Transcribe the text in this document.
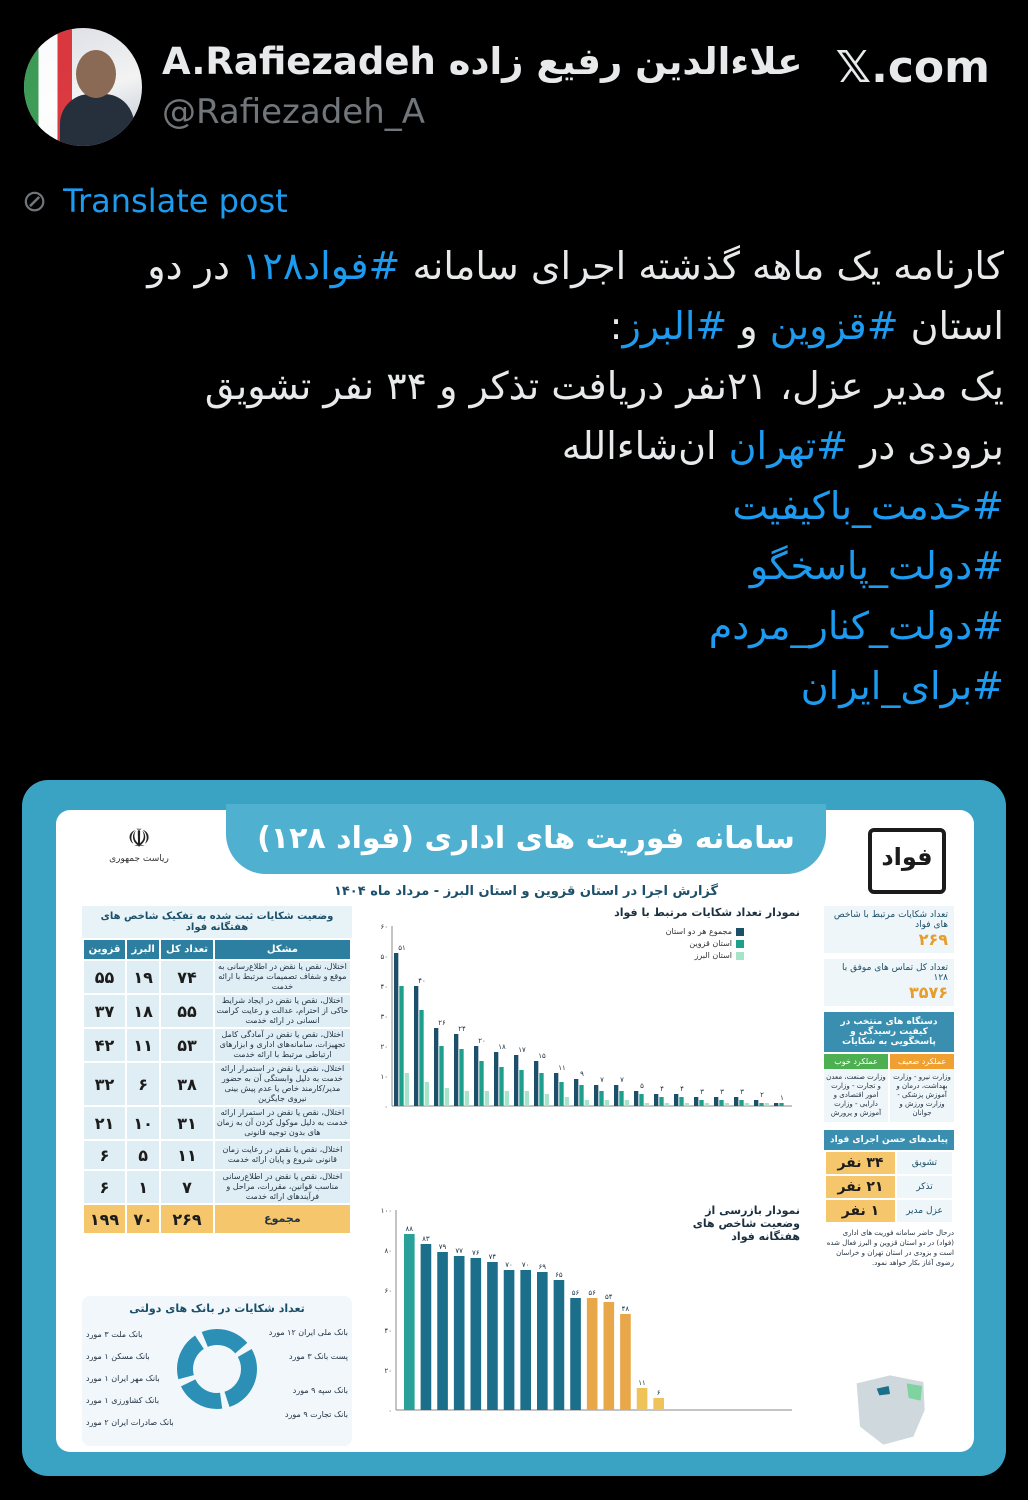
A.Rafiezadeh علاءالدین رفیع زاده
@Rafiezadeh_A
𝕏.com
⊘ Translate post

کارنامه یک ماهه گذشته اجرای سامانه #فواد۱۲۸ در دو

استان #قزوین و #البرز:

یک مدیر عزل، ۲۱نفر دریافت تذکر و ۳۴ نفر تشویق

بزودی در #تهران ان‌شاءالله

#خدمت_باکیفیت

#دولت_پاسخگو

#دولت_کنار_مردم

#برای_ایران

سامانه فوریت های اداری (فواد ۱۲۸)
گزارش اجرا در استان قزوین و استان البرز - مرداد ماه ۱۴۰۴
☫
ریاست جمهوری	فواد
وضعیت شکایات ثبت شده به تفکیک شاخص های هفتگانه فواد
مشکل	تعداد کل	البرز	قزوین
اختلال، نقص یا نقض در اطلاع‌رسانی به موقع و شفاف تصمیمات مرتبط با ارائه خدمت	۷۴	۱۹	۵۵
اختلال، نقص یا نقض در ایجاد شرایط حاکی از احترام، عدالت و رعایت کرامت انسانی در ارائه خدمت	۵۵	۱۸	۳۷
اختلال، نقص یا نقض در آمادگی کامل تجهیزات، سامانه‌های اداری و ابزارهای ارتباطی مرتبط با ارائه خدمت	۵۳	۱۱	۴۲
اختلال، نقص یا نقض در استمرار ارائه خدمت به دلیل وابستگی آن به حضور مدیر/کارمند خاص یا عدم پیش بینی نیروی جایگزین	۳۸	۶	۳۲
اختلال، نقص یا نقض در استمرار ارائه خدمت به دلیل موکول کردن آن به زمان های بدون توجیه قانونی	۳۱	۱۰	۲۱
اختلال، نقص یا نقض در رعایت زمان قانونی شروع و پایان ارائه خدمت	۱۱	۵	۶
اختلال، نقص یا نقض در اطلاع‌رسانی مناسب قوانین، مقررات، مراحل و فرآیندهای ارائه خدمت	۷	۱	۶
مجموع	۲۶۹	۷۰	۱۹۹
تعداد شکایات در بانک های دولتی
بانک ملی ایران ۱۲ مورد
پست بانک ۳ مورد
بانک سپه ۹ مورد
بانک تجارت ۹ مورد
بانک ملت ۳ مورد
بانک مسکن ۱ مورد
بانک مهر ایران ۱ مورد
بانک کشاورزی ۱ مورد
بانک صادرات ایران ۲ مورد
نمودار تعداد شکایات مرتبط با فواد
مجموع هر دو استان
استان قزوین
استان البرز
۰
۱۰
۲۰
۳۰
۴۰
۵۰
۶۰
۵۱
۴۰
۲۶
۲۴
۲۰
۱۸ ۱۷
۱۵
۱۱
۹
۷ ۷
۵ ۴ ۴ ۳ ۳ ۳ ۲ ۱
نمودار بازرسی از وضعیت شاخص های هفتگانه فواد
۰
۲۰
۴۰
۶۰
۸۰
۱۰۰
۸۸
۸۳
۷۹ ۷۷ ۷۶ ۷۴
۷۰ ۷۰ ۶۹
۶۵
۵۶ ۵۶ ۵۴
۴۸
۱۱
۶
تعداد شکایات مرتبط با شاخص های فواد
۲۶۹
تعداد کل تماس های موفق با ۱۲۸
۳۵۷۶
دستگاه های منتخب در کیفیت رسیدگی و پاسخگویی به شکایات
عملکرد ضعیف
عملکرد خوب
وزارت نیرو - وزارت بهداشت، درمان و آموزش پزشکی - وزارت ورزش و جوانان
وزارت صنعت، معدن و تجارت - وزارت امور اقتصادی و دارایی - وزارت آموزش و پرورش
پیامدهای حسن اجرای فواد
تشویق	۳۴ نفر
تذکر	۲۱ نفر
عزل مدیر	۱ نفر
درحال حاضر سامانه فوریت های اداری (فواد) در دو استان قزوین و البرز فعال شده است و بزودی در استان تهران و خراسان رضوی آغاز بکار خواهد نمود.
